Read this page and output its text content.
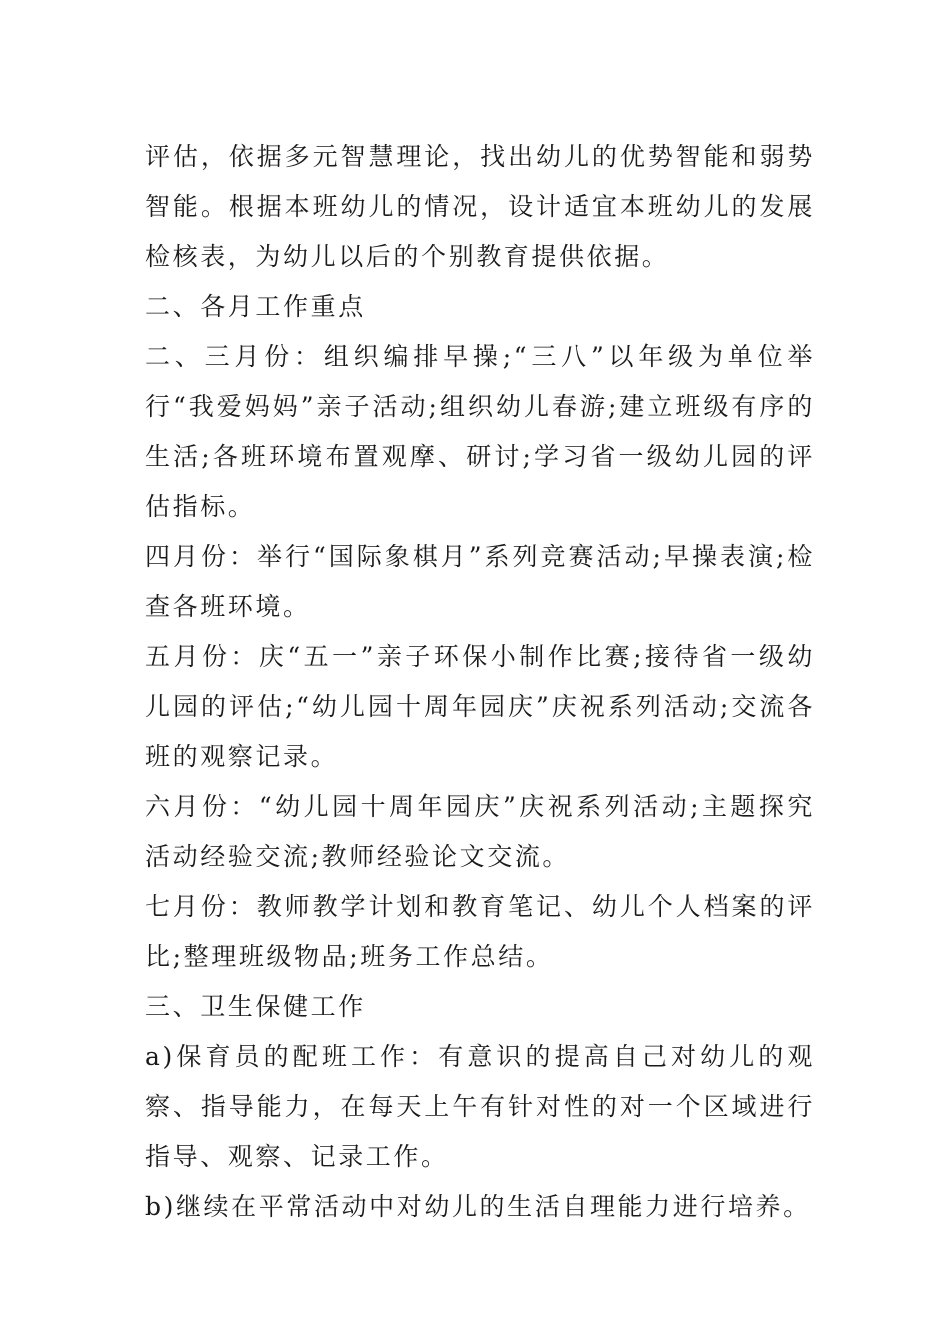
评估，依据多元智慧理论，找出幼儿的优势智能和弱势智能。根据本班幼儿的情况，设计适宜本班幼儿的发展检核表，为幼儿以后的个别教育提供依据。

二、各月工作重点

二、三月份：组织编排早操;“三八”以年级为单位举行“我爱妈妈”亲子活动;组织幼儿春游;建立班级有序的生活;各班环境布置观摩、研讨;学习省一级幼儿园的评估指标。

四月份：举行“国际象棋月”系列竞赛活动;早操表演;检查各班环境。

五月份：庆“五一”亲子环保小制作比赛;接待省一级幼儿园的评估;“幼儿园十周年园庆”庆祝系列活动;交流各班的观察记录。

六月份：“幼儿园十周年园庆”庆祝系列活动;主题探究活动经验交流;教师经验论文交流。

七月份：教师教学计划和教育笔记、幼儿个人档案的评比;整理班级物品;班务工作总结。

三、卫生保健工作

a)保育员的配班工作：有意识的提高自己对幼儿的观察、指导能力，在每天上午有针对性的对一个区域进行指导、观察、记录工作。

b)继续在平常活动中对幼儿的生活自理能力进行培养。
